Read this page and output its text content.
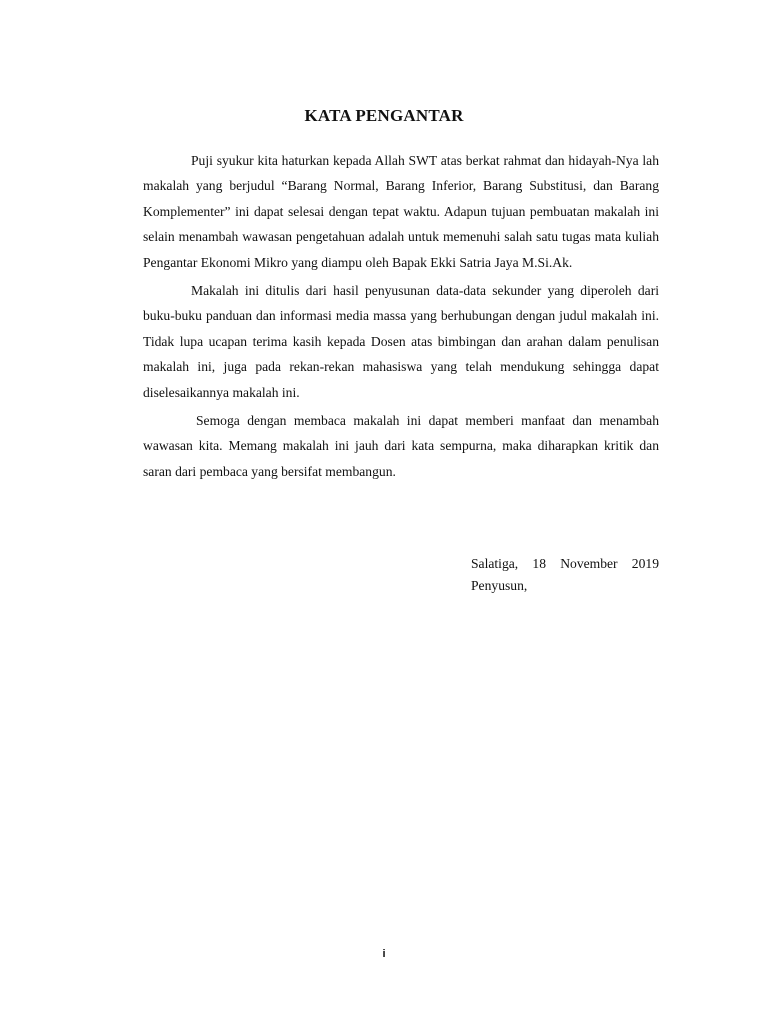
KATA PENGANTAR

Puji syukur kita haturkan kepada Allah SWT atas berkat rahmat dan hidayah-Nya lah makalah yang berjudul “Barang Normal, Barang Inferior, Barang Substitusi, dan Barang Komplementer” ini dapat selesai dengan tepat waktu. Adapun tujuan pembuatan makalah ini selain menambah wawasan pengetahuan adalah untuk memenuhi salah satu tugas mata kuliah Pengantar Ekonomi Mikro yang diampu oleh Bapak Ekki Satria Jaya M.Si.Ak.

Makalah ini ditulis dari hasil penyusunan data-data sekunder yang diperoleh dari buku-buku panduan dan informasi media massa yang berhubungan dengan judul makalah ini. Tidak lupa ucapan terima kasih kepada Dosen atas bimbingan dan arahan dalam penulisan makalah ini, juga pada rekan-rekan mahasiswa yang telah mendukung sehingga dapat diselesaikannya makalah ini.

Semoga dengan membaca makalah ini dapat memberi manfaat dan menambah wawasan kita. Memang makalah ini jauh dari kata sempurna, maka diharapkan kritik dan saran dari pembaca yang bersifat membangun.

Salatiga, 18 November 2019
Penyusun,
i
